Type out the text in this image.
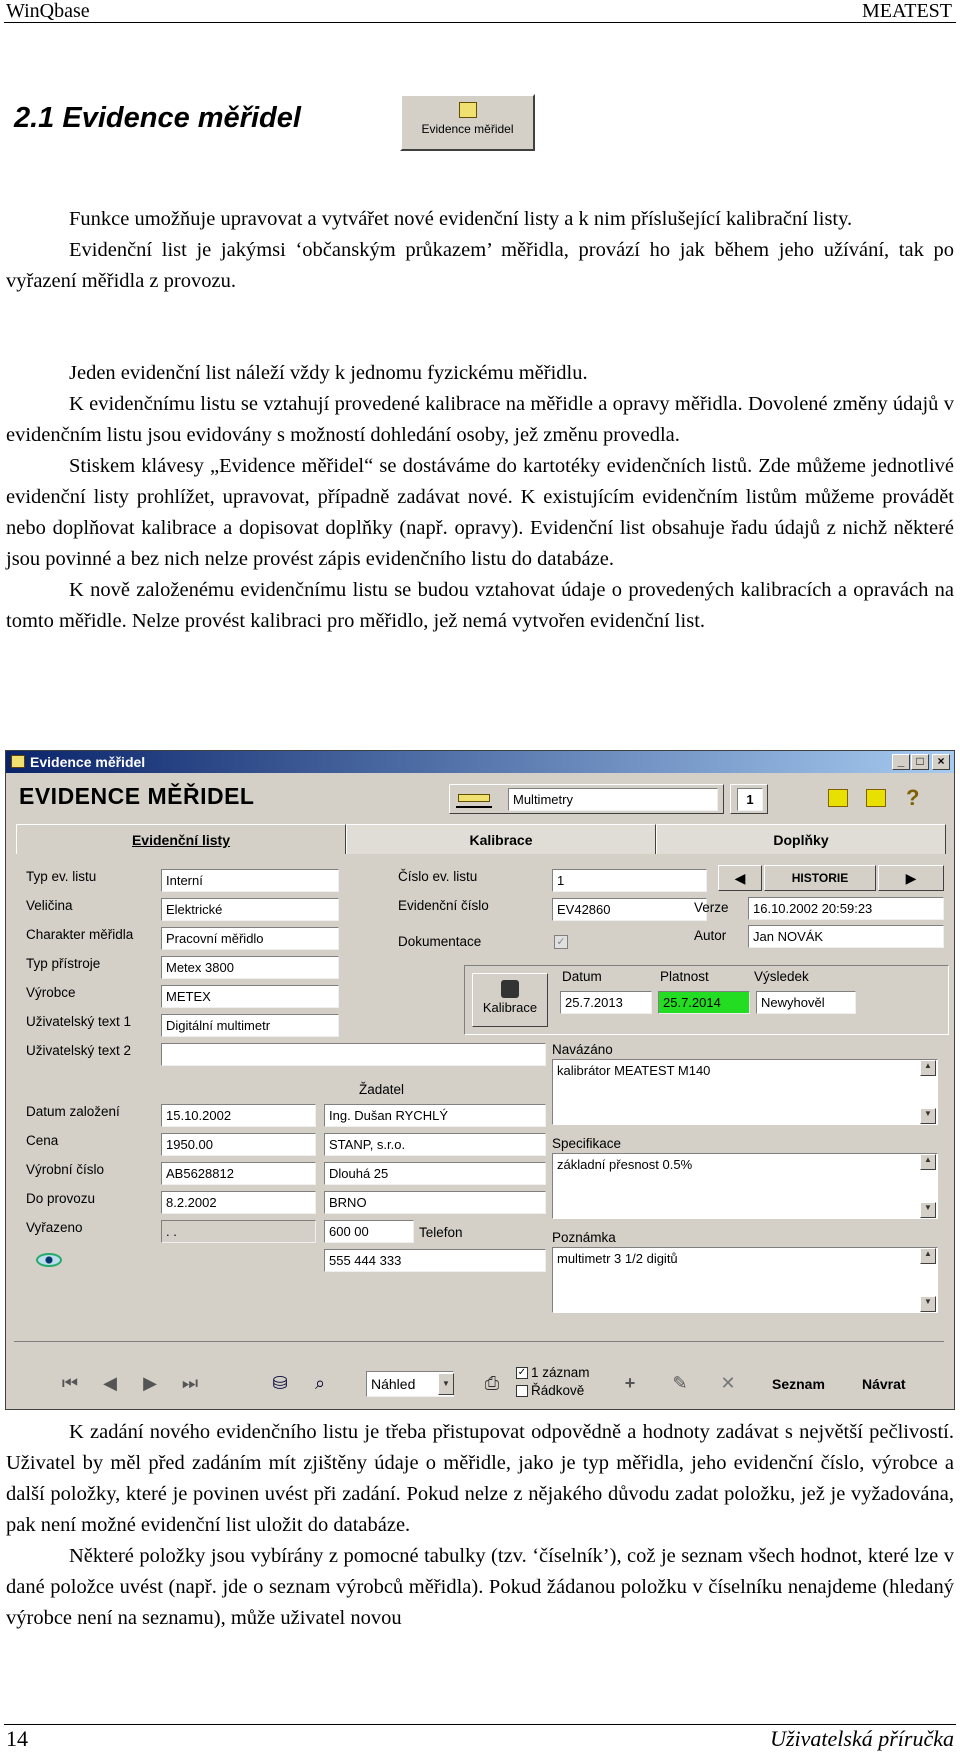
WinQbase	MEATEST
2.1 Evidence měřidel	Evidence měřidel

Funkce umožňuje upravovat a vytvářet nové evidenční listy a k nim příslušející kalibrační listy.

Evidenční list je jakýmsi ‘občanským průkazem’ měřidla, provází ho jak během jeho užívání, tak po vyřazení měřidla z provozu.

Jeden evidenční list náleží vždy k jednomu fyzickému měřidlu.

K evidenčnímu listu se vztahují provedené kalibrace na měřidle a opravy měřidla. Dovolené změny údajů v evidenčním listu jsou evidovány s možností dohledání osoby, jež změnu provedla.

Stiskem klávesy „Evidence měřidel“ se dostáváme do kartotéky evidenčních listů. Zde můžeme jednotlivé evidenční listy prohlížet, upravovat, případně zadávat nové. K existujícím evidenčním listům můžeme provádět nebo doplňovat kalibrace a dopisovat doplňky (např. opravy). Evidenční list obsahuje řadu údajů z nichž některé jsou povinné a bez nich nelze provést zápis evidenčního listu do databáze.

K nově založenému evidenčnímu listu se budou vztahovat údaje o provedených kalibracích a opravách na tomto měřidle. Nelze provést kalibraci pro měřidlo, jež nemá vytvořen evidenční list.

Evidence měřidel	_	□	×
EVIDENCE MĚŘIDEL	Multimetry	1	?
Evidenční listy	Kalibrace	Doplňky
Typ ev. listu	Interní
Veličina	Elektrické
Charakter měřidla	Pracovní měřidlo
Typ přístroje	Metex 3800
Výrobce	METEX
Uživatelský text 1	Digitální multimetr
Uživatelský text 2
Žadatel
Datum založení	15.10.2002	Ing. Dušan RYCHLÝ
Cena	1950.00	STANP, s.r.o.
Výrobní číslo	AB5628812	Dlouhá 25
Do provozu	8.2.2002	BRNO
Vyřazeno	. .	600 00	Telefon
555 444 333
Číslo ev. listu	1
Evidenční číslo	EV42860
Dokumentace	✓
◀	HISTORIE	▶
Verze	16.10.2002 20:59:23
Autor	Jan NOVÁK
Kalibrace
Datum	Platnost	Výsledek
25.7.2013	25.7.2014	Newyhověl
Navázáno
kalibrátor MEATEST M140	▲
▼
Specifikace
základní přesnost 0.5%	▲
▼
Poznámka
multimetr 3 1/2 digitů	▲
▼
⏮ ◀ ▶ ⏭	⛁	⌕	Náhled	▼ ⎙
✓ 1 záznam
Řádkově	+	✎ ✕	Seznam	Návrat

K zadání nového evidenčního listu je třeba přistupovat odpovědně a hodnoty zadávat s největší pečlivostí. Uživatel by měl před zadáním mít zjištěny údaje o měřidle, jako je typ měřidla, jeho evidenční číslo, výrobce a další položky, které je povinen uvést při zadání. Pokud nelze z nějakého důvodu zadat položku, jež je vyžadována, pak není možné evidenční list uložit do databáze.

Některé položky jsou vybírány z pomocné tabulky (tzv. ‘číselník’), což je seznam všech hodnot, které lze v dané položce uvést (např. jde o seznam výrobců měřidla). Pokud žádanou položku v číselníku nenajdeme (hledaný výrobce není na seznamu), může uživatel novou

14	Uživatelská příručka
